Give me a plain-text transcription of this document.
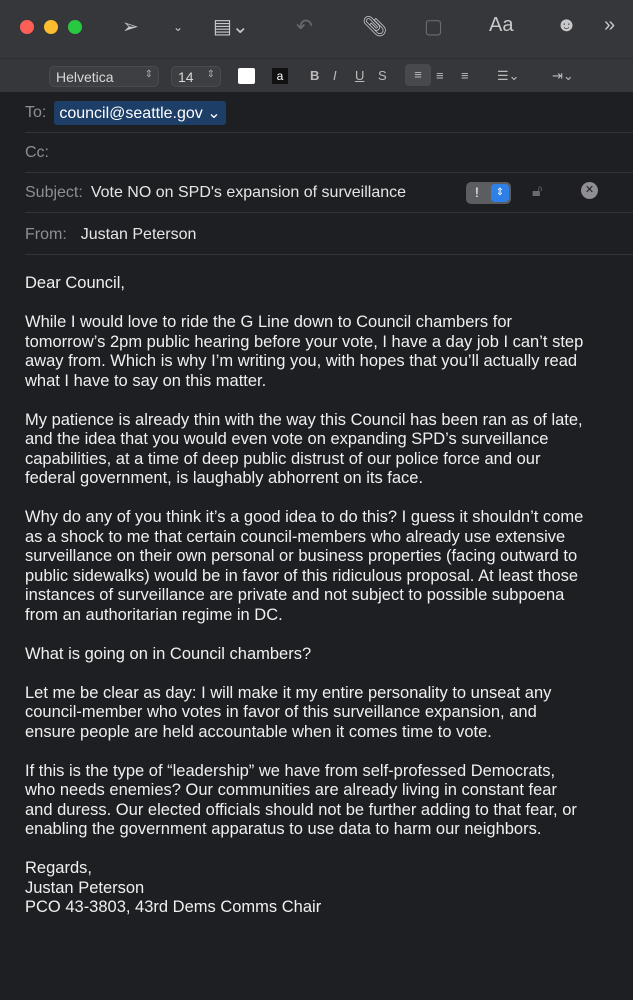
➢	⌄ ▤⌄ ↶ 📎︎ ▢ Aa ☻ »
Helvetica	⇕	14 ⇕	a	B I U S	≡	≡ ≡ ☰⌄ ⇥⌄
To: council@seattle.gov ⌄
Cc:
Subject: Vote NO on SPD's expansion of surveillance	!	⇕	🔓︎	✕
From: Justan Peterson

Dear Council,

While I would love to ride the G Line down to Council chambers for
tomorrow’s 2pm public hearing before your vote, I have a day job I can’t step
away from. Which is why I’m writing you, with hopes that you’ll actually read
what I have to say on this matter.

My patience is already thin with the way this Council has been ran as of late,
and the idea that you would even vote on expanding SPD’s surveillance
capabilities, at a time of deep public distrust of our police force and our
federal government, is laughably abhorrent on its face.

Why do any of you think it’s a good idea to do this? I guess it shouldn’t come
as a shock to me that certain council-members who already use extensive
surveillance on their own personal or business properties (facing outward to
public sidewalks) would be in favor of this ridiculous proposal. At least those
instances of surveillance are private and not subject to possible subpoena
from an authoritarian regime in DC.

What is going on in Council chambers?

Let me be clear as day: I will make it my entire personality to unseat any
council-member who votes in favor of this surveillance expansion, and
ensure people are held accountable when it comes time to vote.

If this is the type of “leadership” we have from self-professed Democrats,
who needs enemies? Our communities are already living in constant fear
and duress. Our elected officials should not be further adding to that fear, or
enabling the government apparatus to use data to harm our neighbors.

Regards,
Justan Peterson
PCO 43-3803, 43rd Dems Comms Chair
